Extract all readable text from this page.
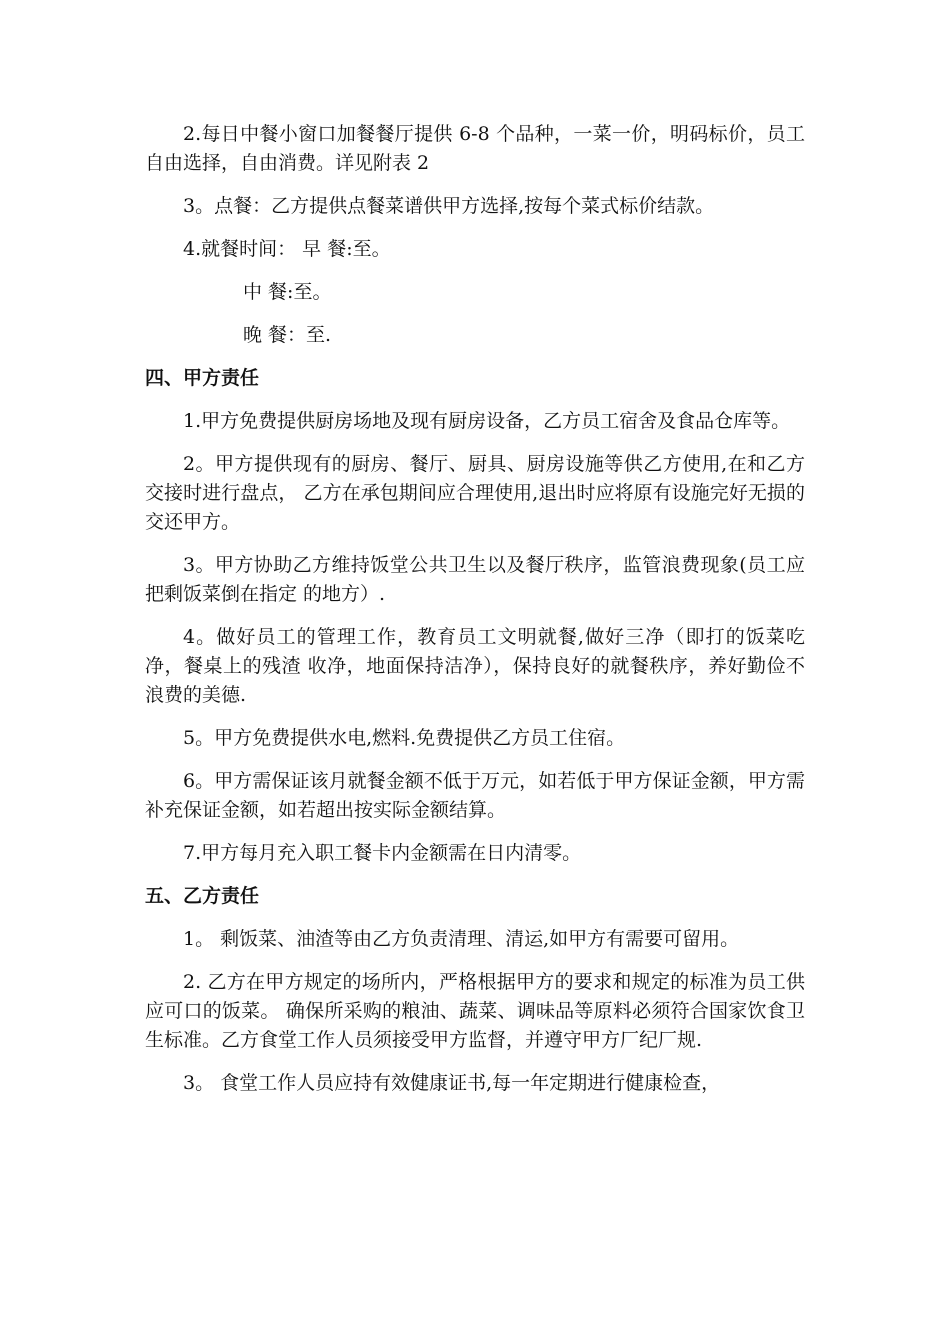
2.每日中餐小窗口加餐餐厅提供 6-8 个品种，一菜一价，明码标价，员工自由选择，自由消费。详见附表 2

3。点餐：乙方提供点餐菜谱供甲方选择,按每个菜式标价结款。

4.就餐时间： 早 餐:至。

中 餐:至。

晚 餐：至.

四、甲方责任

1.甲方免费提供厨房场地及现有厨房设备，乙方员工宿舍及食品仓库等。

2。甲方提供现有的厨房、餐厅、厨具、厨房设施等供乙方使用,在和乙方交接时进行盘点， 乙方在承包期间应合理使用,退出时应将原有设施完好无损的交还甲方。

3。甲方协助乙方维持饭堂公共卫生以及餐厅秩序，监管浪费现象(员工应把剩饭菜倒在指定 的地方）.

4。做好员工的管理工作，教育员工文明就餐,做好三净（即打的饭菜吃净，餐桌上的残渣 收净，地面保持洁净），保持良好的就餐秩序，养好勤俭不浪费的美德.

5。甲方免费提供水电,燃料.免费提供乙方员工住宿。

6。甲方需保证该月就餐金额不低于万元，如若低于甲方保证金额，甲方需补充保证金额，如若超出按实际金额结算。

7.甲方每月充入职工餐卡内金额需在日内清零。

五、乙方责任

1。 剩饭菜、油渣等由乙方负责清理、清运,如甲方有需要可留用。

2. 乙方在甲方规定的场所内，严格根据甲方的要求和规定的标准为员工供应可口的饭菜。 确保所采购的粮油、蔬菜、调味品等原料必须符合国家饮食卫生标准。乙方食堂工作人员须接受甲方监督，并遵守甲方厂纪厂规.

3。 食堂工作人员应持有效健康证书,每一年定期进行健康检查，
